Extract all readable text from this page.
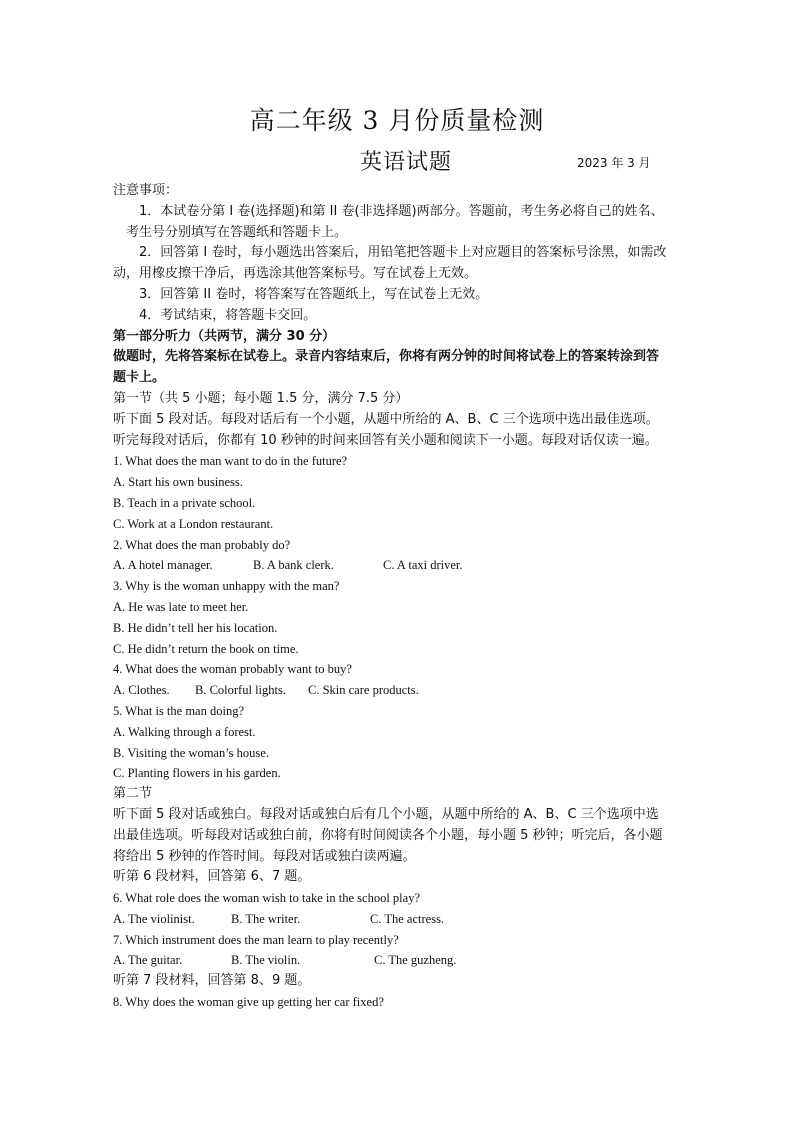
高二年级 3 月份质量检测
英语试题	2023 年 3 月
注意事项：
1．本试卷分第 I 卷(选择题)和第 II 卷(非选择题)两部分。答题前，考生务必将自己的姓名、
考生号分别填写在答题纸和答题卡上。
2．回答第 I 卷时，每小题选出答案后，用铅笔把答题卡上对应题目的答案标号涂黑，如需改
动，用橡皮擦干净后，再选涂其他答案标号。写在试卷上无效。
3．回答第 II 卷时，将答案写在答题纸上，写在试卷上无效。
4．考试结束，将答题卡交回。
第一部分听力（共两节，满分 30 分）
做题时，先将答案标在试卷上。录音内容结束后，你将有两分钟的时间将试卷上的答案转涂到答
题卡上。
第一节（共 5 小题；每小题 1.5 分，满分 7.5 分）
听下面 5 段对话。每段对话后有一个小题，从题中所给的 A、B、C 三个选项中选出最佳选项。
听完每段对话后，你都有 10 秒钟的时间来回答有关小题和阅读下一小题。每段对话仅读一遍。
1. What does the man want to do in the future?
A. Start his own business.
B. Teach in a private school.
C. Work at a London restaurant.
2. What does the man probably do?
A. A hotel manager.	B. A bank clerk.	C. A taxi driver.
3. Why is the woman unhappy with the man?
A. He was late to meet her.
B. He didn’t tell her his location.
C. He didn’t return the book on time.
4. What does the woman probably want to buy?
A. Clothes. B. Colorful lights. C. Skin care products.
5. What is the man doing?
A. Walking through a forest.
B. Visiting the woman’s house.
C. Planting flowers in his garden.
第二节
听下面 5 段对话或独白。每段对话或独白后有几个小题，从题中所给的 A、B、C 三个选项中选
出最佳选项。听每段对话或独白前，你将有时间阅读各个小题，每小题 5 秒钟；听完后，各小题
将给出 5 秒钟的作答时间。每段对话或独白读两遍。
听第 6 段材料，回答第 6、7 题。
6. What role does the woman wish to take in the school play?
A. The violinist.	B. The writer.	C. The actress.
7. Which instrument does the man learn to play recently?
A. The guitar.	B. The violin.	C. The guzheng.
听第 7 段材料，回答第 8、9 题。
8. Why does the woman give up getting her car fixed?
